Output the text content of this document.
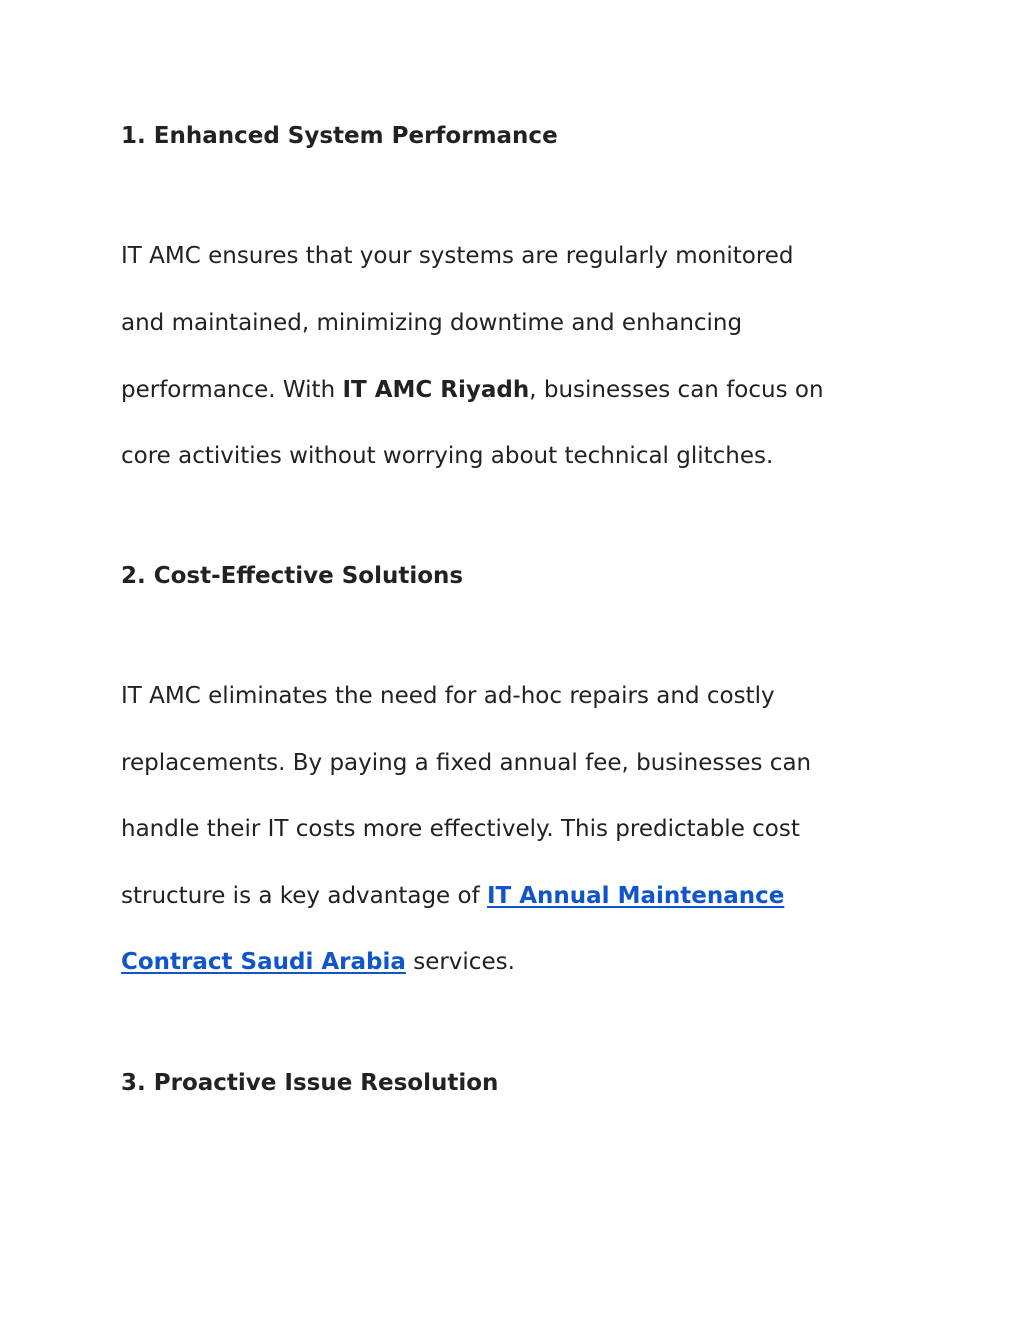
1. Enhanced System Performance

IT AMC ensures that your systems are regularly monitored

and maintained, minimizing downtime and enhancing

performance. With IT AMC Riyadh, businesses can focus on

core activities without worrying about technical glitches.

2. Cost-Effective Solutions

IT AMC eliminates the need for ad-hoc repairs and costly

replacements. By paying a fixed annual fee, businesses can

handle their IT costs more effectively. This predictable cost

structure is a key advantage of IT Annual Maintenance

Contract Saudi Arabia services.

3. Proactive Issue Resolution
